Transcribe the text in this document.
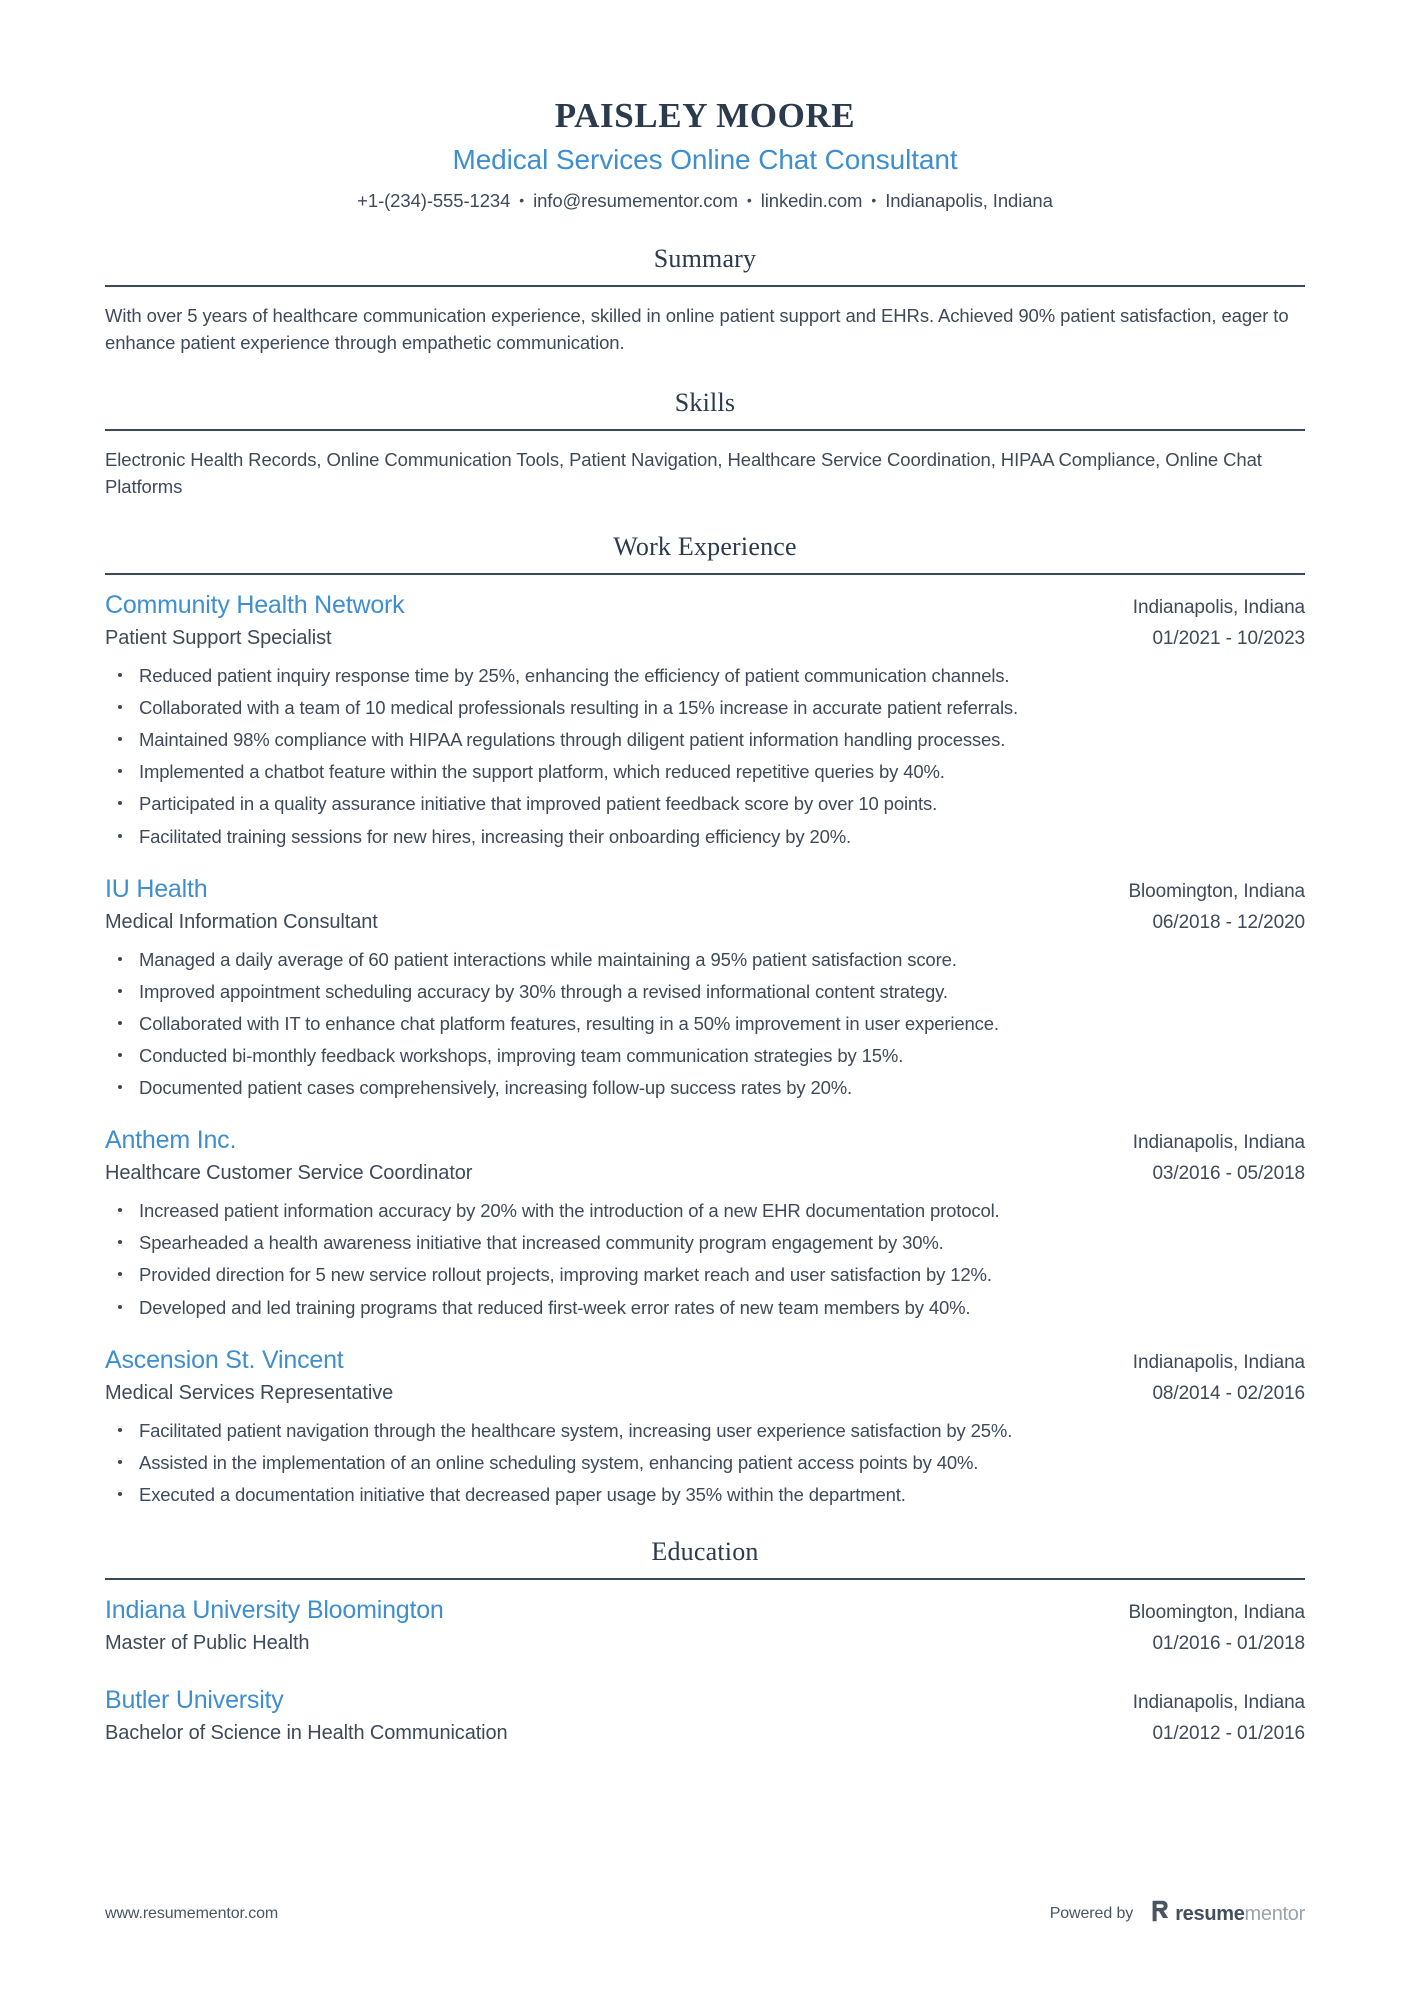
PAISLEY MOORE
Medical Services Online Chat Consultant
+1-(234)-555-1234 • info@resumementor.com • linkedin.com • Indianapolis, Indiana
Summary

With over 5 years of healthcare communication experience, skilled in online patient support and EHRs. Achieved 90% patient satisfaction, eager to enhance patient experience through empathetic communication.

Skills

Electronic Health Records, Online Communication Tools, Patient Navigation, Healthcare Service Coordination, HIPAA Compliance, Online Chat Platforms

Work Experience
Community Health Network	Indianapolis, Indiana
Patient Support Specialist	01/2021 - 10/2023
Reduced patient inquiry response time by 25%, enhancing the efficiency of patient communication channels.
Collaborated with a team of 10 medical professionals resulting in a 15% increase in accurate patient referrals.
Maintained 98% compliance with HIPAA regulations through diligent patient information handling processes.
Implemented a chatbot feature within the support platform, which reduced repetitive queries by 40%.
Participated in a quality assurance initiative that improved patient feedback score by over 10 points.
Facilitated training sessions for new hires, increasing their onboarding efficiency by 20%.
IU Health	Bloomington, Indiana
Medical Information Consultant	06/2018 - 12/2020
Managed a daily average of 60 patient interactions while maintaining a 95% patient satisfaction score.
Improved appointment scheduling accuracy by 30% through a revised informational content strategy.
Collaborated with IT to enhance chat platform features, resulting in a 50% improvement in user experience.
Conducted bi-monthly feedback workshops, improving team communication strategies by 15%.
Documented patient cases comprehensively, increasing follow-up success rates by 20%.
Anthem Inc.	Indianapolis, Indiana
Healthcare Customer Service Coordinator	03/2016 - 05/2018
Increased patient information accuracy by 20% with the introduction of a new EHR documentation protocol.
Spearheaded a health awareness initiative that increased community program engagement by 30%.
Provided direction for 5 new service rollout projects, improving market reach and user satisfaction by 12%.
Developed and led training programs that reduced first-week error rates of new team members by 40%.
Ascension St. Vincent	Indianapolis, Indiana
Medical Services Representative	08/2014 - 02/2016
Facilitated patient navigation through the healthcare system, increasing user experience satisfaction by 25%.
Assisted in the implementation of an online scheduling system, enhancing patient access points by 40%.
Executed a documentation initiative that decreased paper usage by 35% within the department.
Education
Indiana University Bloomington	Bloomington, Indiana
Master of Public Health	01/2016 - 01/2018
Butler University	Indianapolis, Indiana
Bachelor of Science in Health Communication	01/2012 - 01/2016
www.resumementor.com	Powered by resumementor
